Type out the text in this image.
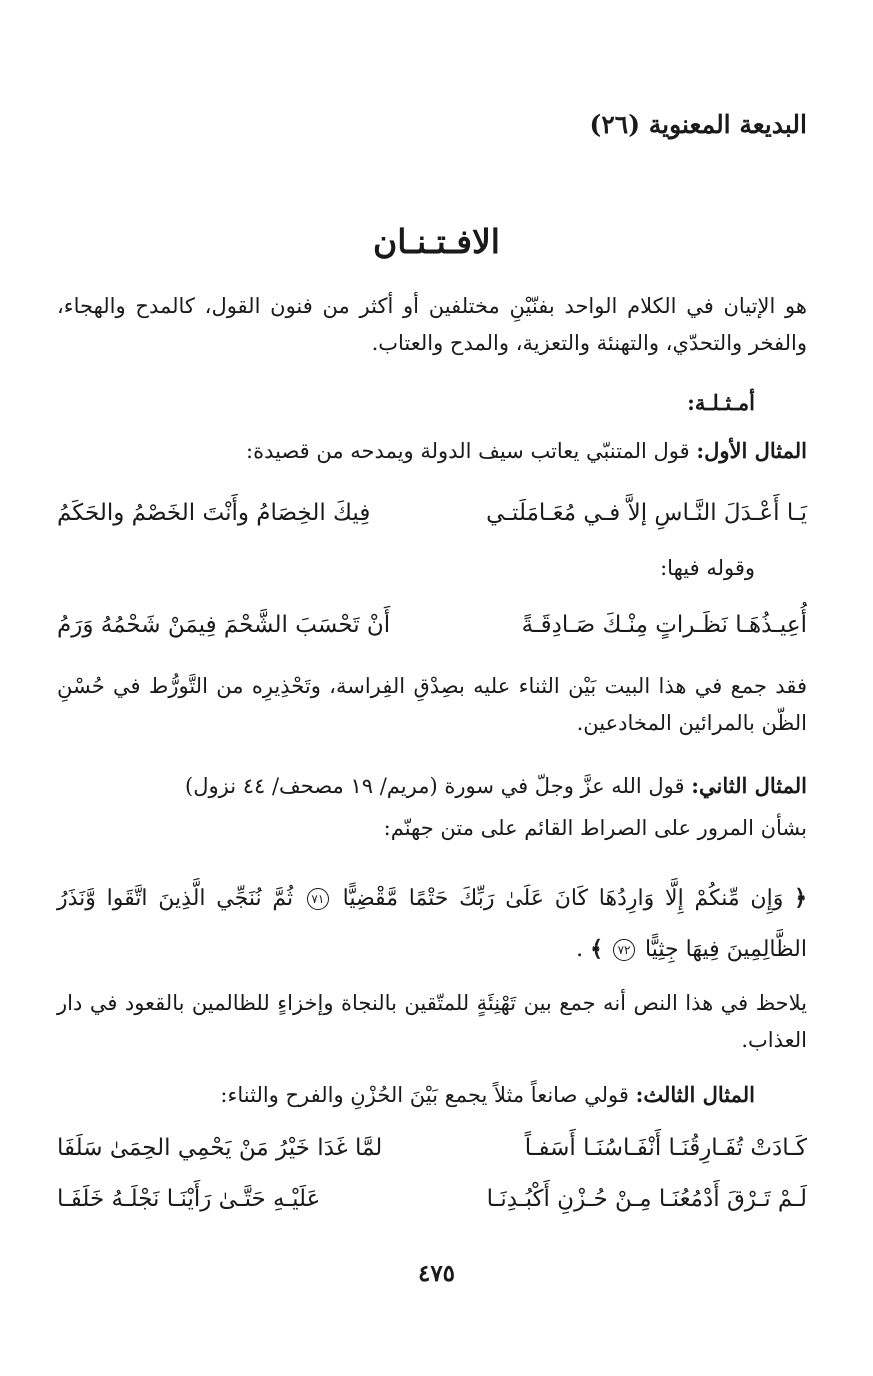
البديعة المعنوية (٢٦)
الافـتـنـان
هو الإتيان في الكلام الواحد بفنّيْنِ مختلفين أو أكثر من فنون القول، كالمدح والهجاء، والفخر والتحدّي، والتهنئة والتعزية، والمدح والعتاب.
أمـثـلـة:
المثال الأول: قول المتنبّي يعاتب سيف الدولة ويمدحه من قصيدة:
يَـا أَعْـدَلَ النَّـاسِ إلاَّ فـي مُعَـامَلَتـي
فِيكَ الخِصَامُ وأَنْتَ الخَصْمُ والحَكَمُ
وقوله فيها:
أُعِيـذُهَـا نَظَـراتٍ مِنْـكَ صَـادِقَـةً
أَنْ تَحْسَبَ الشَّحْمَ فِيمَنْ شَحْمُهُ وَرَمُ
فقد جمع في هذا البيت بَيْن الثناء عليه بصِدْقِ الفِراسة، وتَحْذِيرِه من التَّورُّط في حُسْنِ الظّن بالمرائين المخادعين.
المثال الثاني: قول الله عزَّ وجلّ في سورة (مريم/ ١٩ مصحف/ ٤٤ نزول)
بشأن المرور على الصراط القائم على متن جهنّم:
﴿ وَإِن مِّنكُمْ إِلَّا وَارِدُهَا كَانَ عَلَىٰ رَبِّكَ حَتْمًا مَّقْضِيًّا ٧١ ثُمَّ نُنَجِّي الَّذِينَ اتَّقَوا وَّنَذَرُ الظَّالِمِينَ فِيهَا جِثِيًّا ٧٢ ﴾ .
يلاحظ في هذا النص أنه جمع بين تَهْنِئَةٍ للمتّقين بالنجاة وإخزاءٍ للظالمين بالقعود في دار العذاب.
المثال الثالث: قولي صانعاً مثلاً يجمع بَيْنَ الحُزْنِ والفرح والثناء:
كَـادَتْ تُفَـارِقُنَـا أَنْفَـاسُنَـا أَسَفـاً
لمَّا غَدَا خَيْرُ مَنْ يَحْمِي الحِمَىٰ سَلَفَا
لَـمْ تَـرْقَ أَدْمُعُنَـا مِـنْ حُـزْنِ أَكْبُـدِنَـا
عَلَيْـهِ حَتَّـىٰ رَأَيْنَـا نَجْلَـهُ خَلَفَـا
٤٧٥
